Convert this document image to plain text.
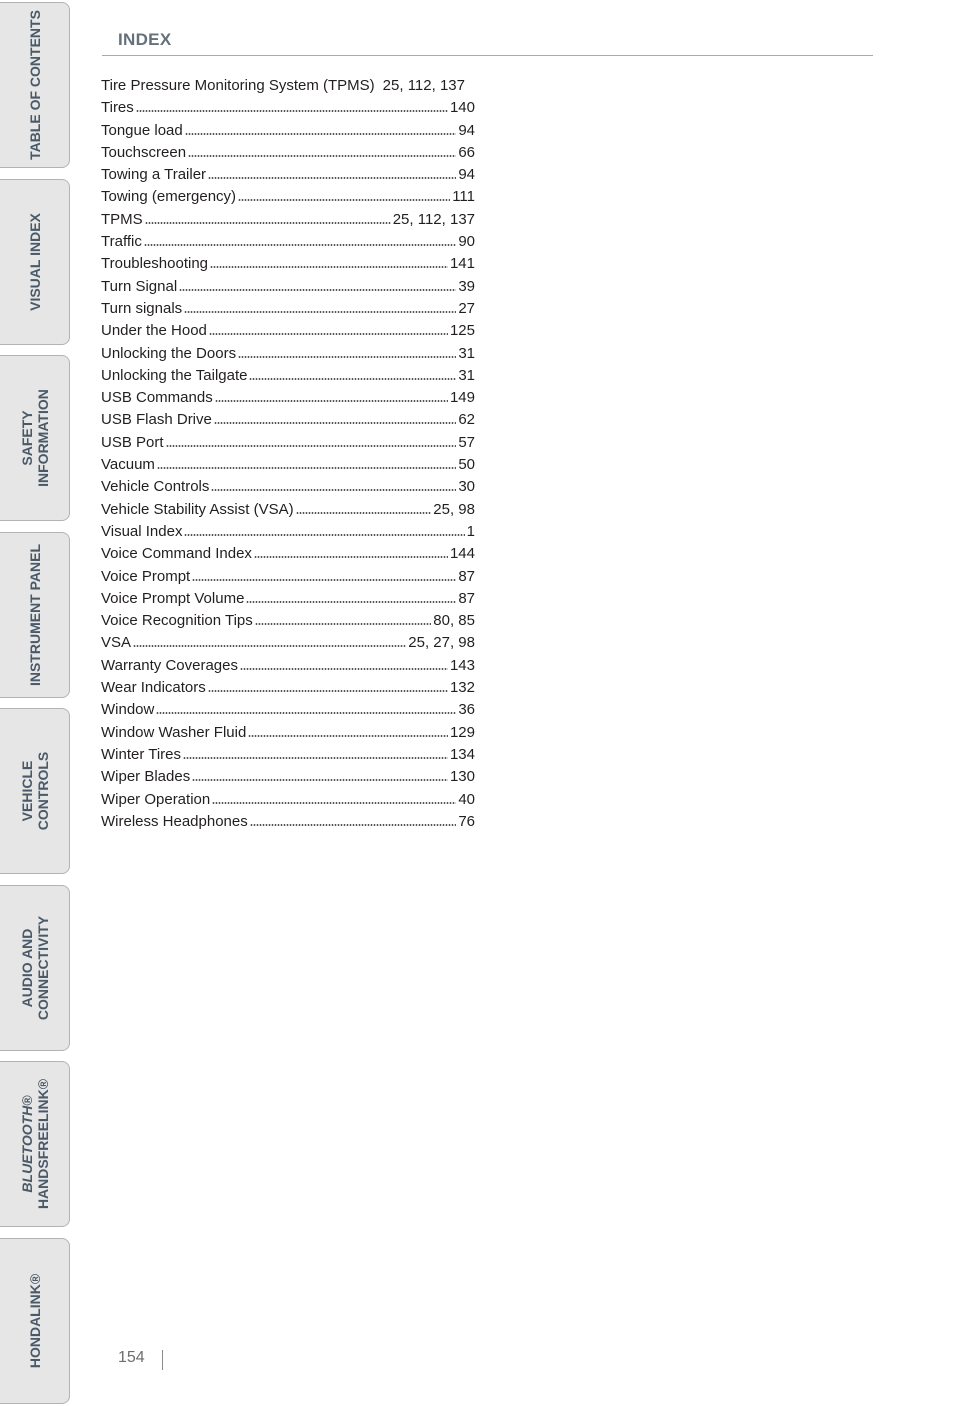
TABLE OF CONTENTS
VISUAL INDEX
SAFETY INFORMATION
INSTRUMENT PANEL
VEHICLE CONTROLS
AUDIO AND CONNECTIVITY
BLUETOOTH® HANDSFREELINK®
HONDALINK®
INDEX
Tire Pressure Monitoring System (TPMS) 25, 112, 137
Tires	140
Tongue load	94
Touchscreen	66
Towing a Trailer	94
Towing (emergency)	111
TPMS	25, 112, 137
Traffic	90
Troubleshooting	141
Turn Signal	39
Turn signals	27
Under the Hood	125
Unlocking the Doors	31
Unlocking the Tailgate	31
USB Commands	149
USB Flash Drive	62
USB Port	57
Vacuum	50
Vehicle Controls	30
Vehicle Stability Assist (VSA)	25, 98
Visual Index	1
Voice Command Index	144
Voice Prompt	87
Voice Prompt Volume	87
Voice Recognition Tips	80, 85
VSA	25, 27, 98
Warranty Coverages	143
Wear Indicators	132
Window	36
Window Washer Fluid	129
Winter Tires	134
Wiper Blades	130
Wiper Operation	40
Wireless Headphones	76
154
